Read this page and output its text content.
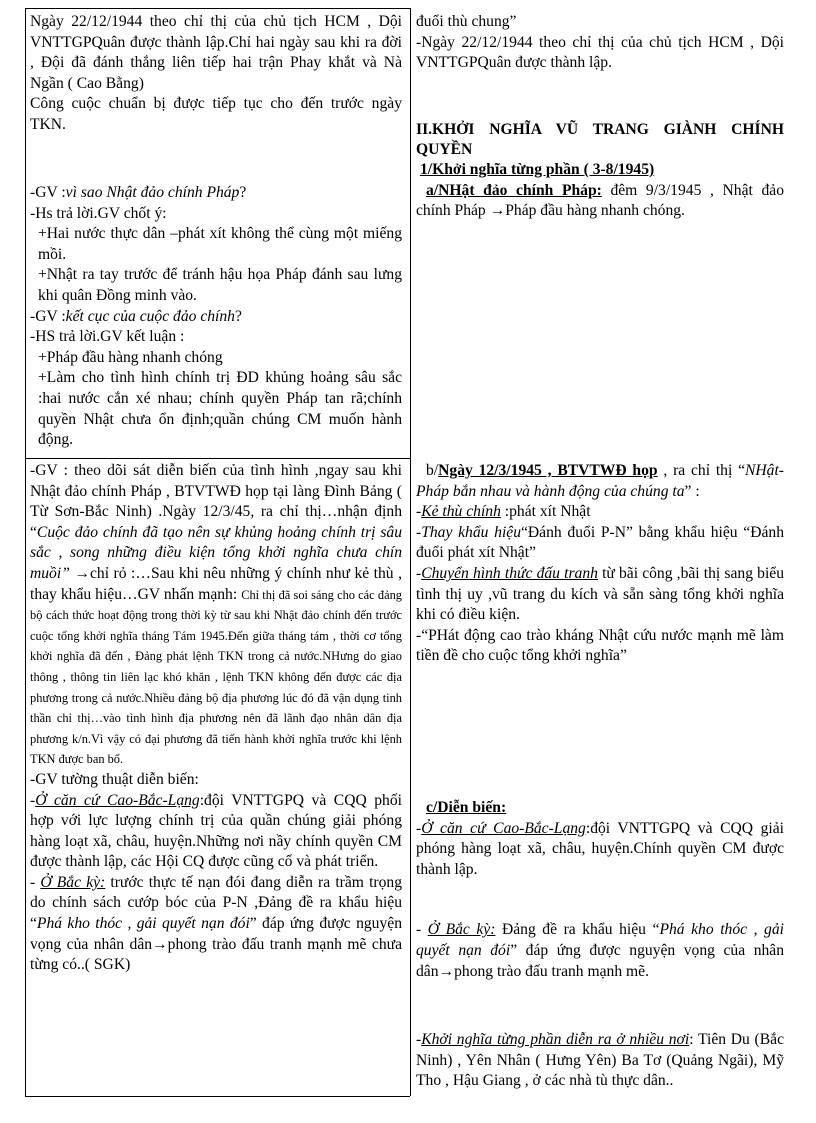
Ngày 22/12/1944 theo chỉ thị của chủ tịch HCM , Dội VNTTGPQuân được thành lập.Chỉ hai ngày sau khi ra đời , Đội đã đánh thắng liên tiếp hai trận Phay khắt và Nà Ngần ( Cao Bằng)

Công cuộc chuẩn bị được tiếp tục cho đến trước ngày TKN.

-GV :vì sao Nhật đảo chính Pháp?

-Hs trả lời.GV chốt ý:

+Hai nước thực dân –phát xít không thể cùng một miếng mồi.

+Nhật ra tay trước để tránh hậu họa Pháp đánh sau lưng khi quân Đồng minh vào.

-GV :kết cục của cuộc đảo chính?

-HS trả lời.GV kết luận :

+Pháp đầu hàng nhanh chóng

+Làm cho tình hình chính trị ĐD khủng hoảng sâu sắc :hai nước cắn xé nhau; chính quyền Pháp tan rã;chính quyền Nhật chưa ổn định;quần chúng CM muốn hành động.

-GV : theo dõi sát diễn biến của tình hình ,ngay sau khi Nhật đảo chính Pháp , BTVTWĐ họp tại làng Đình Bảng ( Từ Sơn-Bắc Ninh) .Ngày 12/3/45, ra chỉ thị…nhận định “Cuộc đảo chính đã tạo nên sự khủng hoảng chính trị sâu sắc , song những điều kiện tổng khởi nghĩa chưa chín muồi” →chỉ rỏ :…Sau khi nêu những ý chính như kẻ thù , thay khẩu hiệu…GV nhấn mạnh: Chỉ thị đã soi sáng cho các đảng bộ cách thức hoạt động trong thời kỳ từ sau khi Nhật đảo chính đến trước cuộc tổng khởi nghĩa tháng Tám 1945.Đến giữa tháng tám , thời cơ tổng khởi nghĩa đã đến , Đảng phát lệnh TKN trong cả nước.NHưng do giao thông , thông tin liên lạc khó khăn , lệnh TKN không đến được các địa phương trong cả nước.Nhiều đảng bộ địa phương lúc đó đã vận dụng tinh thần chỉ thị…vào tình hình địa phương nên đã lãnh đạo nhân dân địa phương k/n.Vì vậy có đại phương đã tiến hành khởi nghĩa trước khi lệnh TKN được ban bố.

-GV tường thuật diễn biến:

-Ở căn cứ Cao-Bắc-Lạng:đội VNTTGPQ và CQQ phối hợp với lực lượng chính trị của quần chúng giải phóng hàng loạt xã, châu, huyện.Những nơi nầy chính quyền CM được thành lập, các Hội CQ được cũng cố và phát triển.

- Ở Bắc kỳ: trước thực tế nạn đói đang diễn ra trầm trọng do chính sách cướp bóc của P-N ,Đảng đề ra khẩu hiệu “Phá kho thóc , gải quyết nạn đói” đáp ứng được nguyện vọng của nhân dân→phong trào đấu tranh mạnh mẽ chưa từng có..( SGK)

đuổi thù chung”

-Ngày 22/12/1944 theo chỉ thị của chủ tịch HCM , Dội VNTTGPQuân được thành lập.

II.KHỞI NGHĨA VŨ TRANG GIÀNH CHÍNH QUYỀN

1/Khởi nghĩa từng phần ( 3-8/1945)

a/NHật đảo chính Pháp: đêm 9/3/1945 , Nhật đảo chính Pháp →Pháp đầu hàng nhanh chóng.

b/Ngày 12/3/1945 , BTVTWĐ họp , ra chỉ thị “NHật-Pháp bắn nhau và hành động của chúng ta” :

-Kẻ thù chính :phát xít Nhật

-Thay khẩu hiệu“Đánh đuổi P-N” bằng khẩu hiệu “Đánh đuổi phát xít Nhật”

-Chuyển hình thức đấu tranh từ bãi công ,bãi thị sang biểu tình thị uy ,vũ trang du kích và sẵn sàng tổng khởi nghĩa khi có điều kiện.

-“PHát động cao trào kháng Nhật cứu nước mạnh mẽ làm tiền đề cho cuộc tổng khởi nghĩa”

c/Diễn biến:

-Ở căn cứ Cao-Bắc-Lạng:đội VNTTGPQ và CQQ giải phóng hàng loạt xã, châu, huyện.Chính quyền CM được thành lập.

- Ở Bắc kỳ: Đảng đề ra khẩu hiệu “Phá kho thóc , gải quyết nạn đói” đáp ứng được nguyện vọng của nhân dân→phong trào đấu tranh mạnh mẽ.

-Khởi nghĩa từng phần diễn ra ở nhiều nơi: Tiên Du (Bắc Ninh) , Yên Nhân ( Hưng Yên) Ba Tơ (Quảng Ngãi), Mỹ Tho , Hậu Giang , ở các nhà tù thực dân..
